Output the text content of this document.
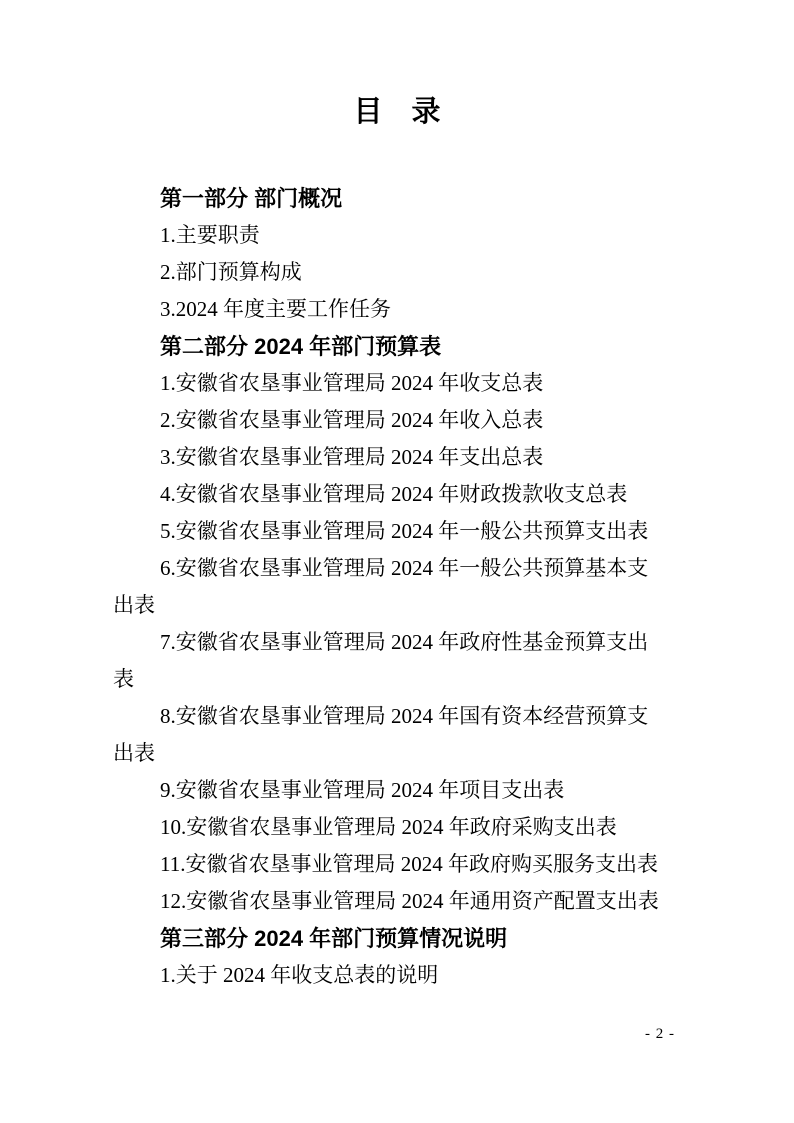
目　录
第一部分 部门概况
1.主要职责
2.部门预算构成
3.2024 年度主要工作任务
第二部分 2024 年部门预算表
1.安徽省农垦事业管理局 2024 年收支总表
2.安徽省农垦事业管理局 2024 年收入总表
3.安徽省农垦事业管理局 2024 年支出总表
4.安徽省农垦事业管理局 2024 年财政拨款收支总表
5.安徽省农垦事业管理局 2024 年一般公共预算支出表
6.安徽省农垦事业管理局 2024 年一般公共预算基本支
出表
7.安徽省农垦事业管理局 2024 年政府性基金预算支出
表
8.安徽省农垦事业管理局 2024 年国有资本经营预算支
出表
9.安徽省农垦事业管理局 2024 年项目支出表
10.安徽省农垦事业管理局 2024 年政府采购支出表
11.安徽省农垦事业管理局 2024 年政府购买服务支出表
12.安徽省农垦事业管理局 2024 年通用资产配置支出表
第三部分 2024 年部门预算情况说明
1.关于 2024 年收支总表的说明
- 2 -
